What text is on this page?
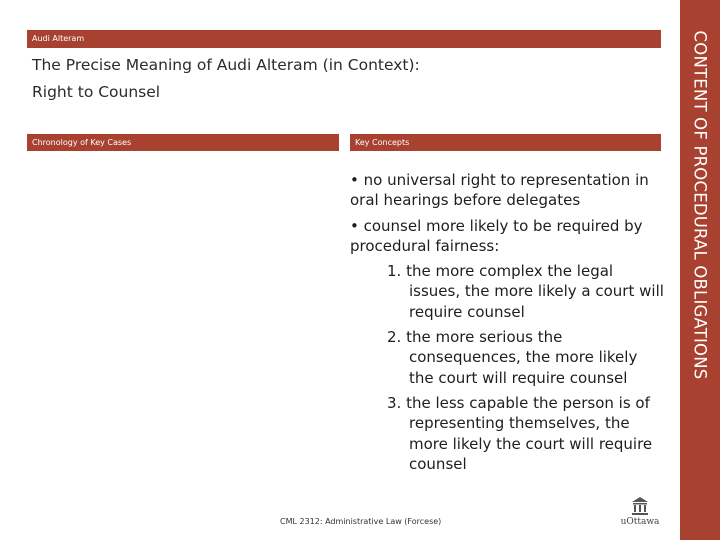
Audi Alteram
The Precise Meaning of Audi Alteram (in Context):
Right to Counsel
Chronology of Key Cases	Key Concepts
• no universal right to representation in oral hearings before delegates
• counsel more likely to be required by procedural fairness:
1. the more complex the legal issues, the more likely a court will require counsel
2. the more serious the consequences, the more likely the court will require counsel
3. the less capable the person is of representing themselves, the more likely the court will require counsel
CONTENT OF PROCEDURAL OBLIGATIONS
CML 2312: Administrative Law (Forcese)	uOttawa
